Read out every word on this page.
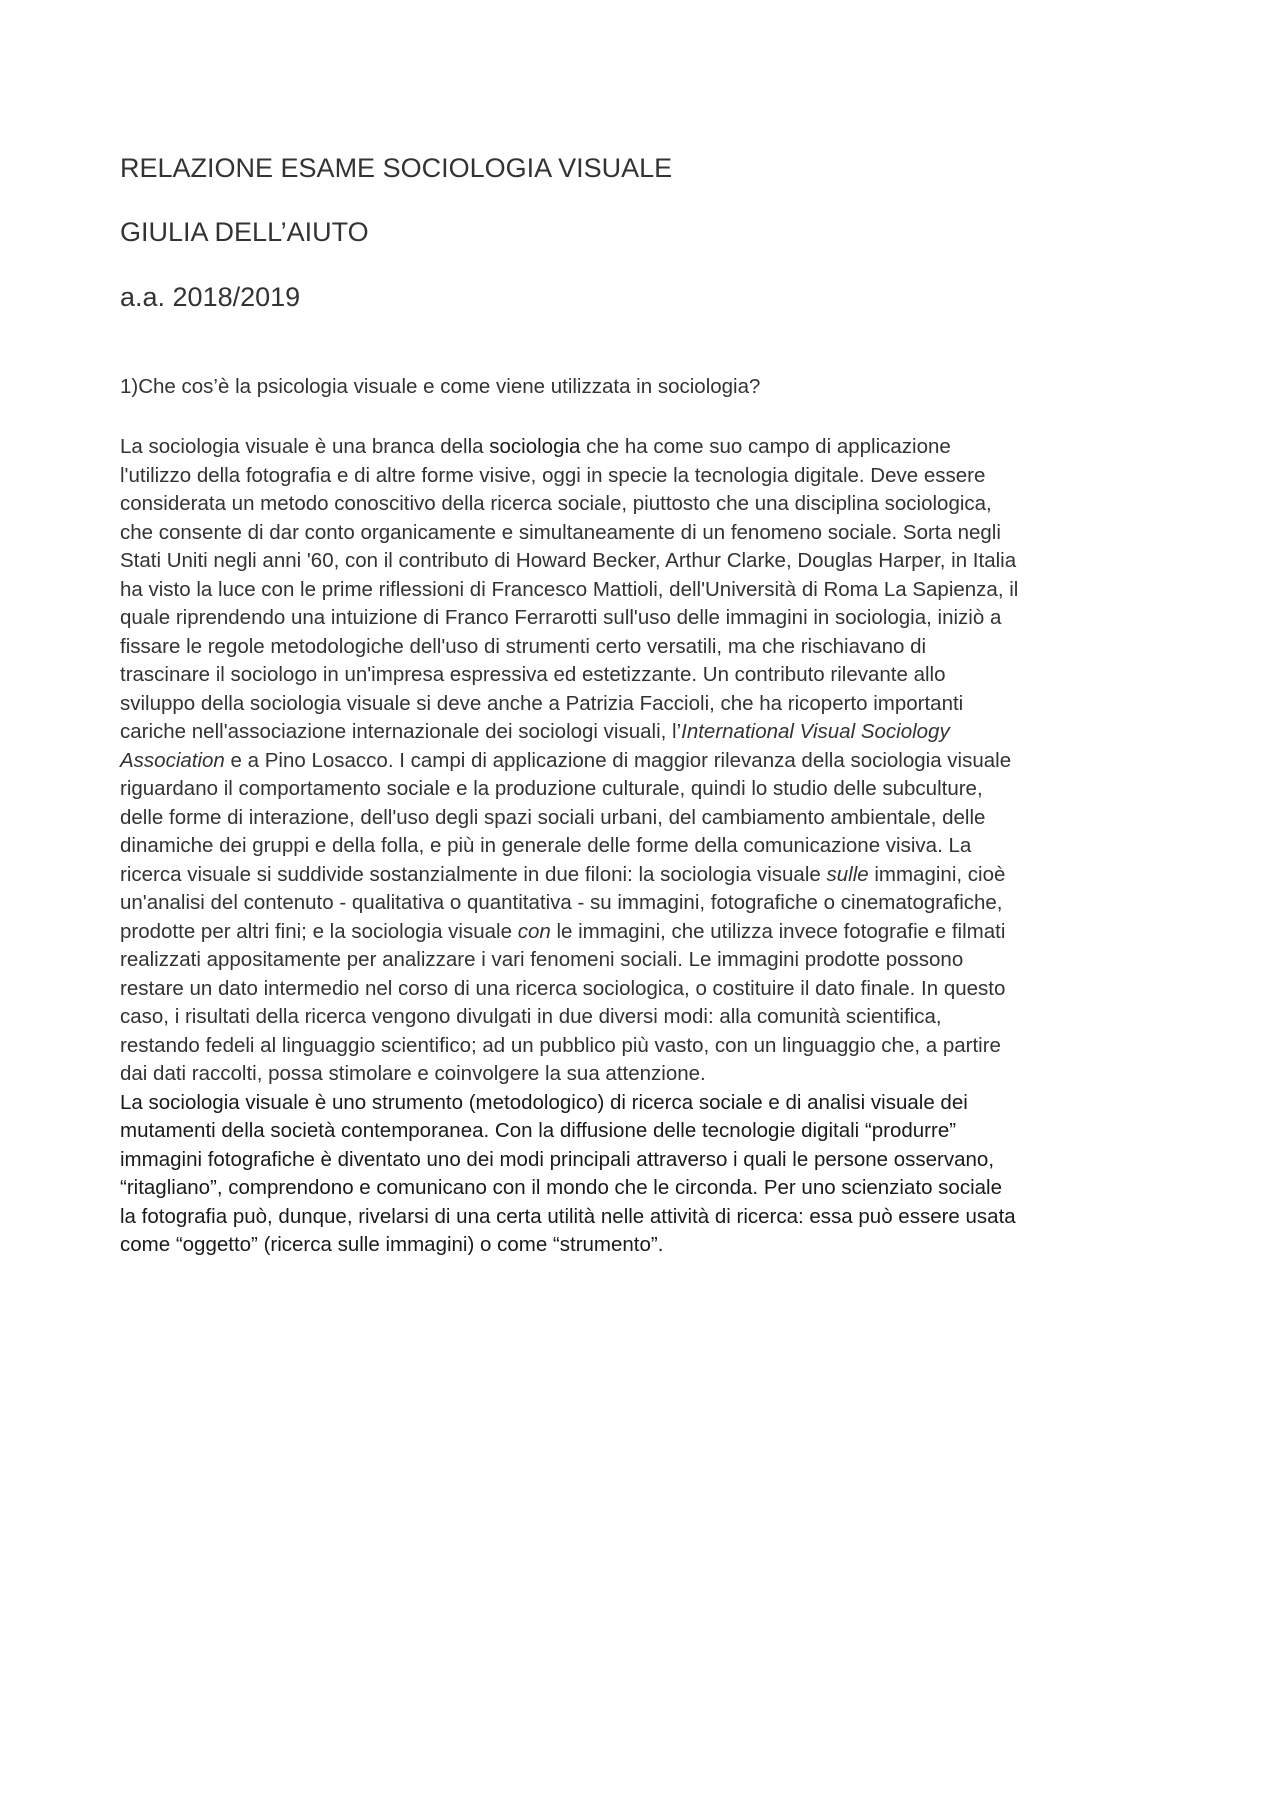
RELAZIONE ESAME SOCIOLOGIA VISUALE
GIULIA DELL’AIUTO
a.a. 2018/2019

1)Che cos’è la psicologia visuale e come viene utilizzata in sociologia?

La sociologia visuale è una branca della sociologia che ha come suo campo di applicazione
l'utilizzo della fotografia e di altre forme visive, oggi in specie la tecnologia digitale. Deve essere
considerata un metodo conoscitivo della ricerca sociale, piuttosto che una disciplina sociologica,
che consente di dar conto organicamente e simultaneamente di un fenomeno sociale. Sorta negli
Stati Uniti negli anni '60, con il contributo di Howard Becker, Arthur Clarke, Douglas Harper, in Italia
ha visto la luce con le prime riflessioni di Francesco Mattioli, dell'Università di Roma La Sapienza, il
quale riprendendo una intuizione di Franco Ferrarotti sull'uso delle immagini in sociologia, iniziò a
fissare le regole metodologiche dell'uso di strumenti certo versatili, ma che rischiavano di
trascinare il sociologo in un'impresa espressiva ed estetizzante. Un contributo rilevante allo
sviluppo della sociologia visuale si deve anche a Patrizia Faccioli, che ha ricoperto importanti
cariche nell'associazione internazionale dei sociologi visuali, l’International Visual Sociology
Association e a Pino Losacco. I campi di applicazione di maggior rilevanza della sociologia visuale
riguardano il comportamento sociale e la produzione culturale, quindi lo studio delle subculture,
delle forme di interazione, dell'uso degli spazi sociali urbani, del cambiamento ambientale, delle
dinamiche dei gruppi e della folla, e più in generale delle forme della comunicazione visiva. La
ricerca visuale si suddivide sostanzialmente in due filoni: la sociologia visuale sulle immagini, cioè
un'analisi del contenuto - qualitativa o quantitativa - su immagini, fotografiche o cinematografiche,
prodotte per altri fini; e la sociologia visuale con le immagini, che utilizza invece fotografie e filmati
realizzati appositamente per analizzare i vari fenomeni sociali. Le immagini prodotte possono
restare un dato intermedio nel corso di una ricerca sociologica, o costituire il dato finale. In questo
caso, i risultati della ricerca vengono divulgati in due diversi modi: alla comunità scientifica,
restando fedeli al linguaggio scientifico; ad un pubblico più vasto, con un linguaggio che, a partire
dai dati raccolti, possa stimolare e coinvolgere la sua attenzione.
La sociologia visuale è uno strumento (metodologico) di ricerca sociale e di analisi visuale dei
mutamenti della società contemporanea. Con la diffusione delle tecnologie digitali “produrre”
immagini fotografiche è diventato uno dei modi principali attraverso i quali le persone osservano,
“ritagliano”, comprendono e comunicano con il mondo che le circonda. Per uno scienziato sociale
la fotografia può, dunque, rivelarsi di una certa utilità nelle attività di ricerca: essa può essere usata
come “oggetto” (ricerca sulle immagini) o come “strumento”.
